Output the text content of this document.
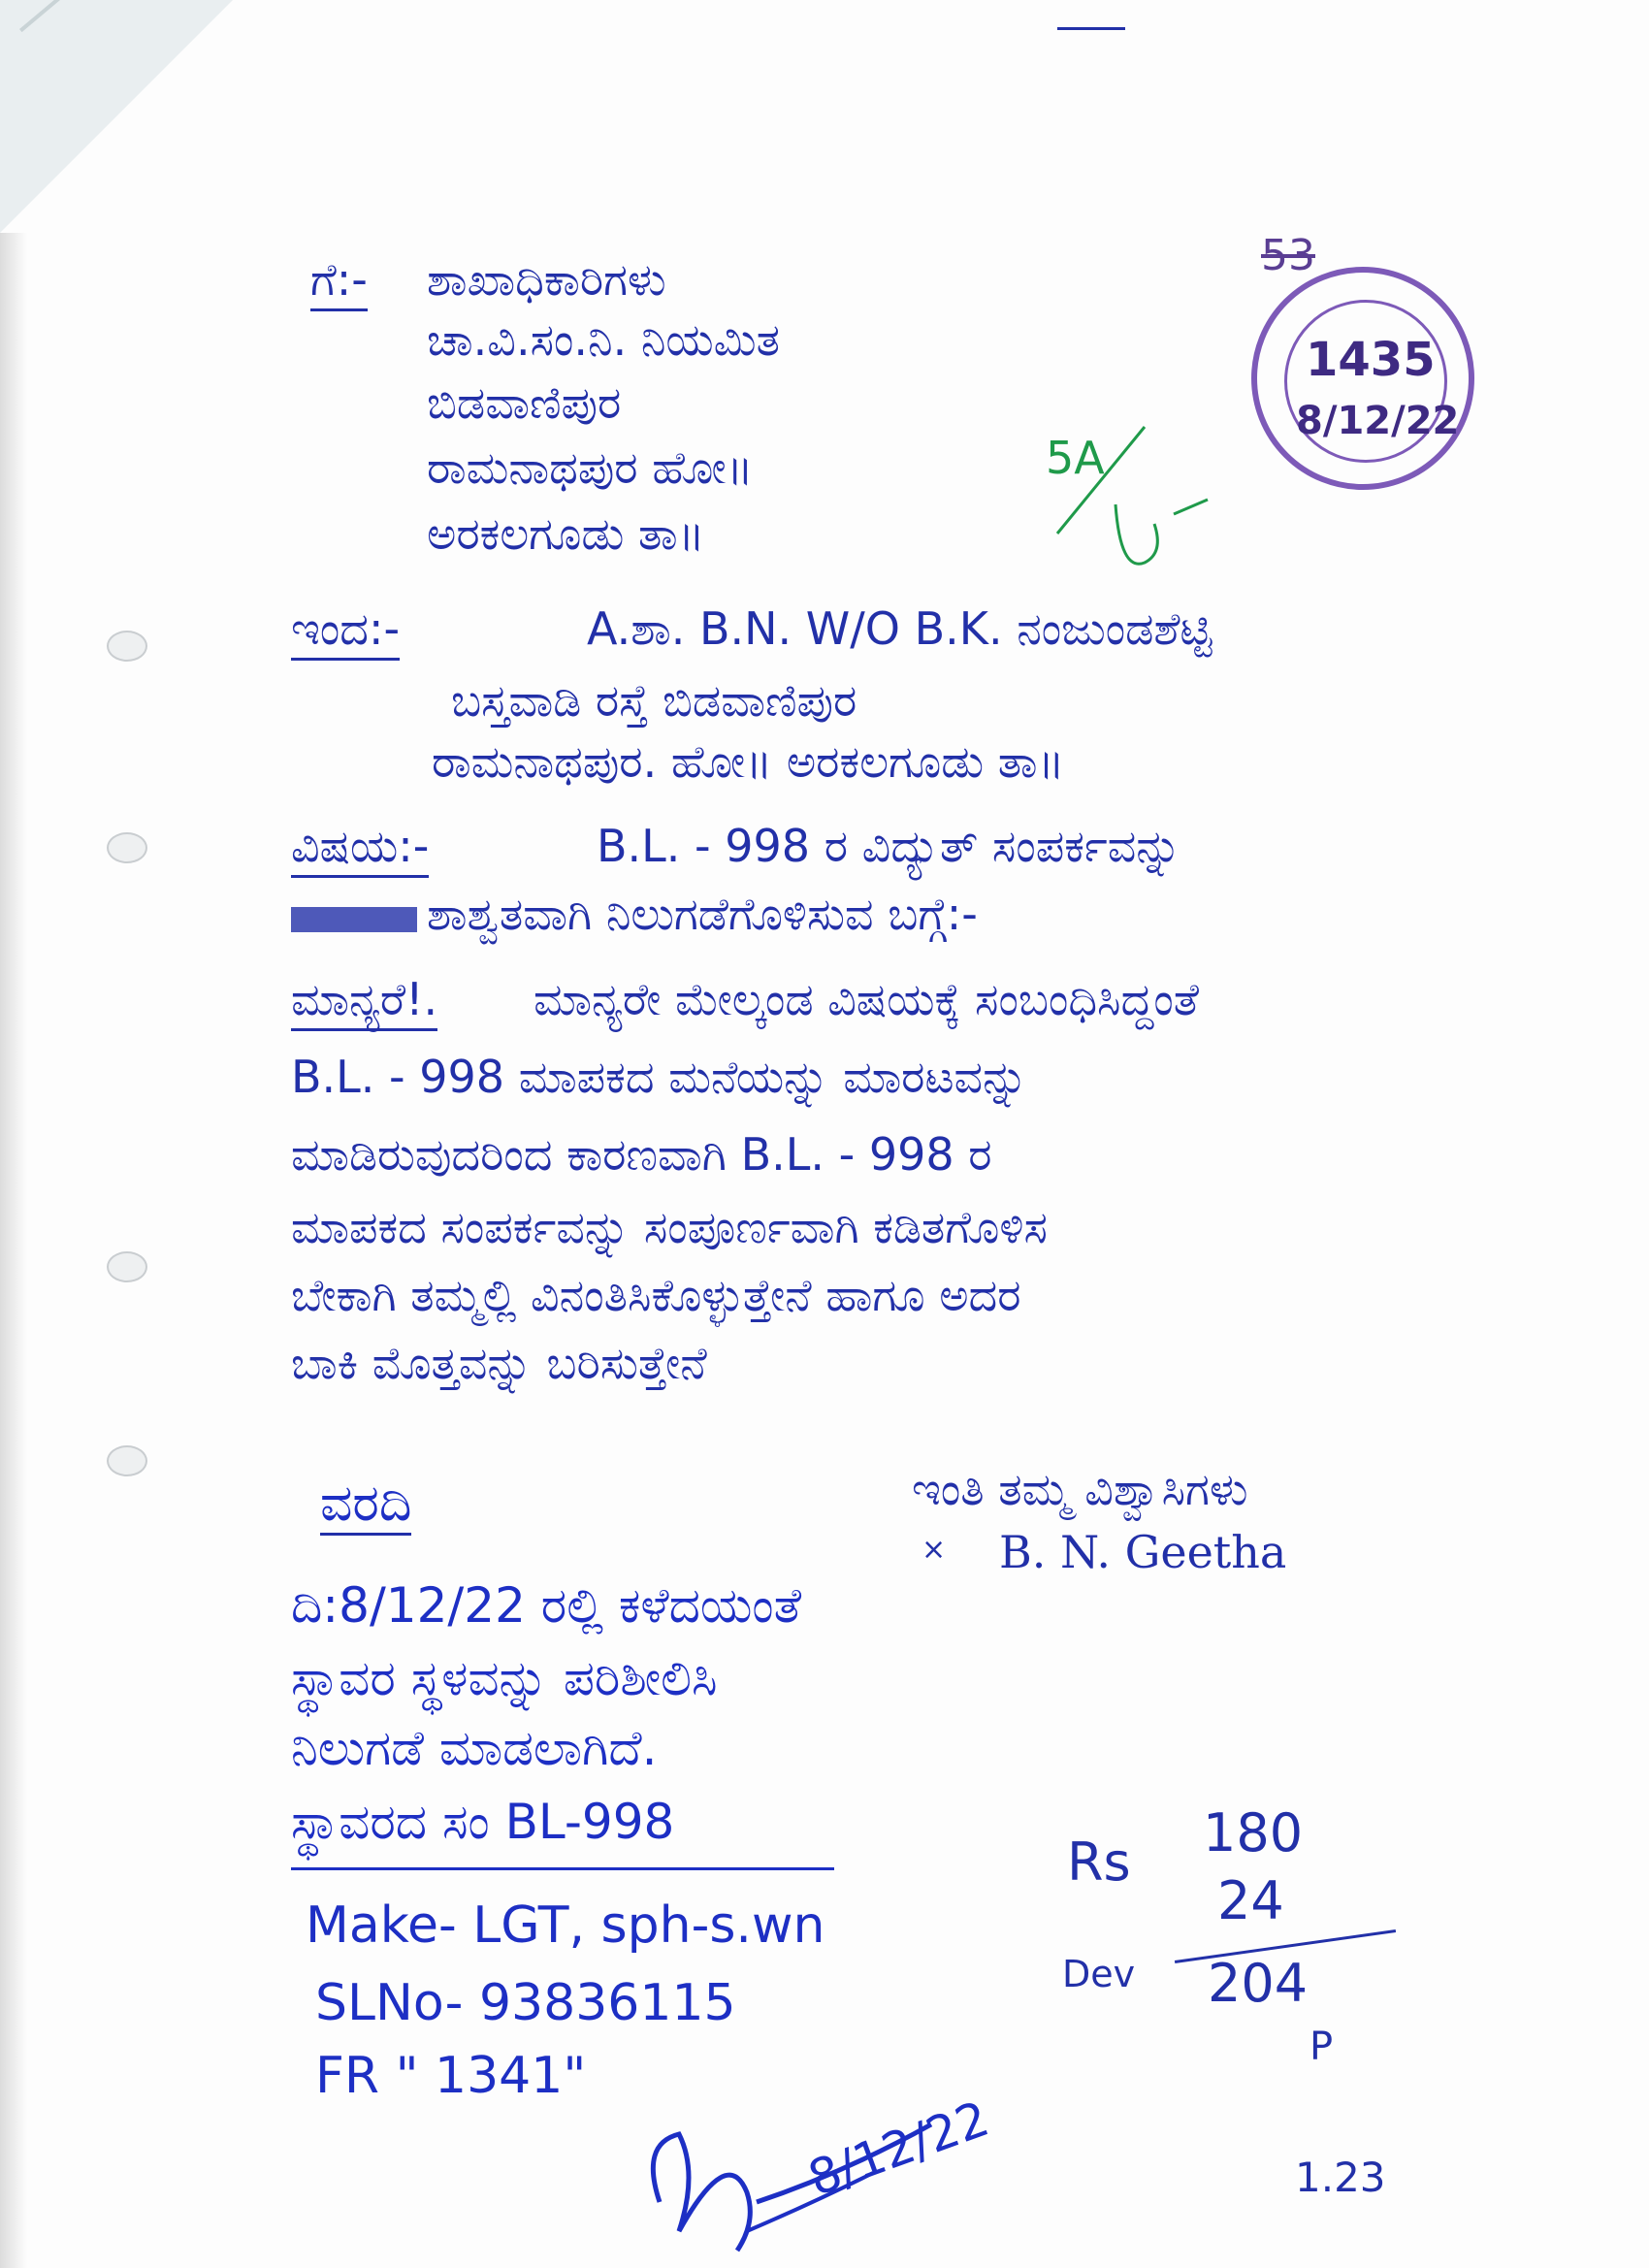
ಗೆ:- ಶಾಖಾಧಿಕಾರಿಗಳು
ಚಾ.ವಿ.ಸಂ.ನಿ. ನಿಯಮಿತ
ಬಿಡವಾಣಿಪುರ
ರಾಮನಾಥಪುರ ಹೋ॥
ಅರಕಲಗೂಡು ತಾ॥
53
1435
8/12/22
5A
ಇಂದ:-	A.ಶಾ. B.N. W/O B.K. ನಂಜುಂಡಶೆಟ್ಟಿ
ಬಸ್ತವಾಡಿ ರಸ್ತೆ ಬಿಡವಾಣಿಪುರ
ರಾಮನಾಥಪುರ. ಹೋ॥ ಅರಕಲಗೂಡು ತಾ॥
ವಿಷಯ:-	B.L. - 998 ರ ವಿದ್ಯುತ್ ಸಂಪರ್ಕವನ್ನು
ಶಾಶ್ವತವಾಗಿ ನಿಲುಗಡೆಗೊಳಿಸುವ ಬಗ್ಗೆ:-
ಮಾನ್ಯರೆ!. ಮಾನ್ಯರೇ ಮೇಲ್ಕಂಡ ವಿಷಯಕ್ಕೆ ಸಂಬಂಧಿಸಿದ್ದಂತೆ
B.L. - 998 ಮಾಪಕದ ಮನೆಯನ್ನು ಮಾರಟವನ್ನು
ಮಾಡಿರುವುದರಿಂದ ಕಾರಣವಾಗಿ B.L. - 998 ರ
ಮಾಪಕದ ಸಂಪರ್ಕವನ್ನು ಸಂಪೂರ್ಣವಾಗಿ ಕಡಿತಗೊಳಿಸ
ಬೇಕಾಗಿ ತಮ್ಮಲ್ಲಿ ವಿನಂತಿಸಿಕೊಳ್ಳುತ್ತೇನೆ ಹಾಗೂ ಅದರ
ಬಾಕಿ ಮೊತ್ತವನ್ನು ಬರಿಸುತ್ತೇನೆ
ಇಂತಿ ತಮ್ಮ ವಿಶ್ವಾಸಿಗಳು
× B. N. Geetha
ವರದಿ
ದಿ:8/12/22 ರಲ್ಲಿ ಕಳೆದಯಂತೆ
ಸ್ಥಾವರ ಸ್ಥಳವನ್ನು ಪರಿಶೀಲಿಸಿ
ನಿಲುಗಡೆ ಮಾಡಲಾಗಿದೆ.
ಸ್ಥಾವರದ ಸಂ BL-998
Make- LGT, sph-s.wn
SLNo- 93836115
FR " 1341"
8/12/22
Rs 180
24
Dev 204
P
1.23
